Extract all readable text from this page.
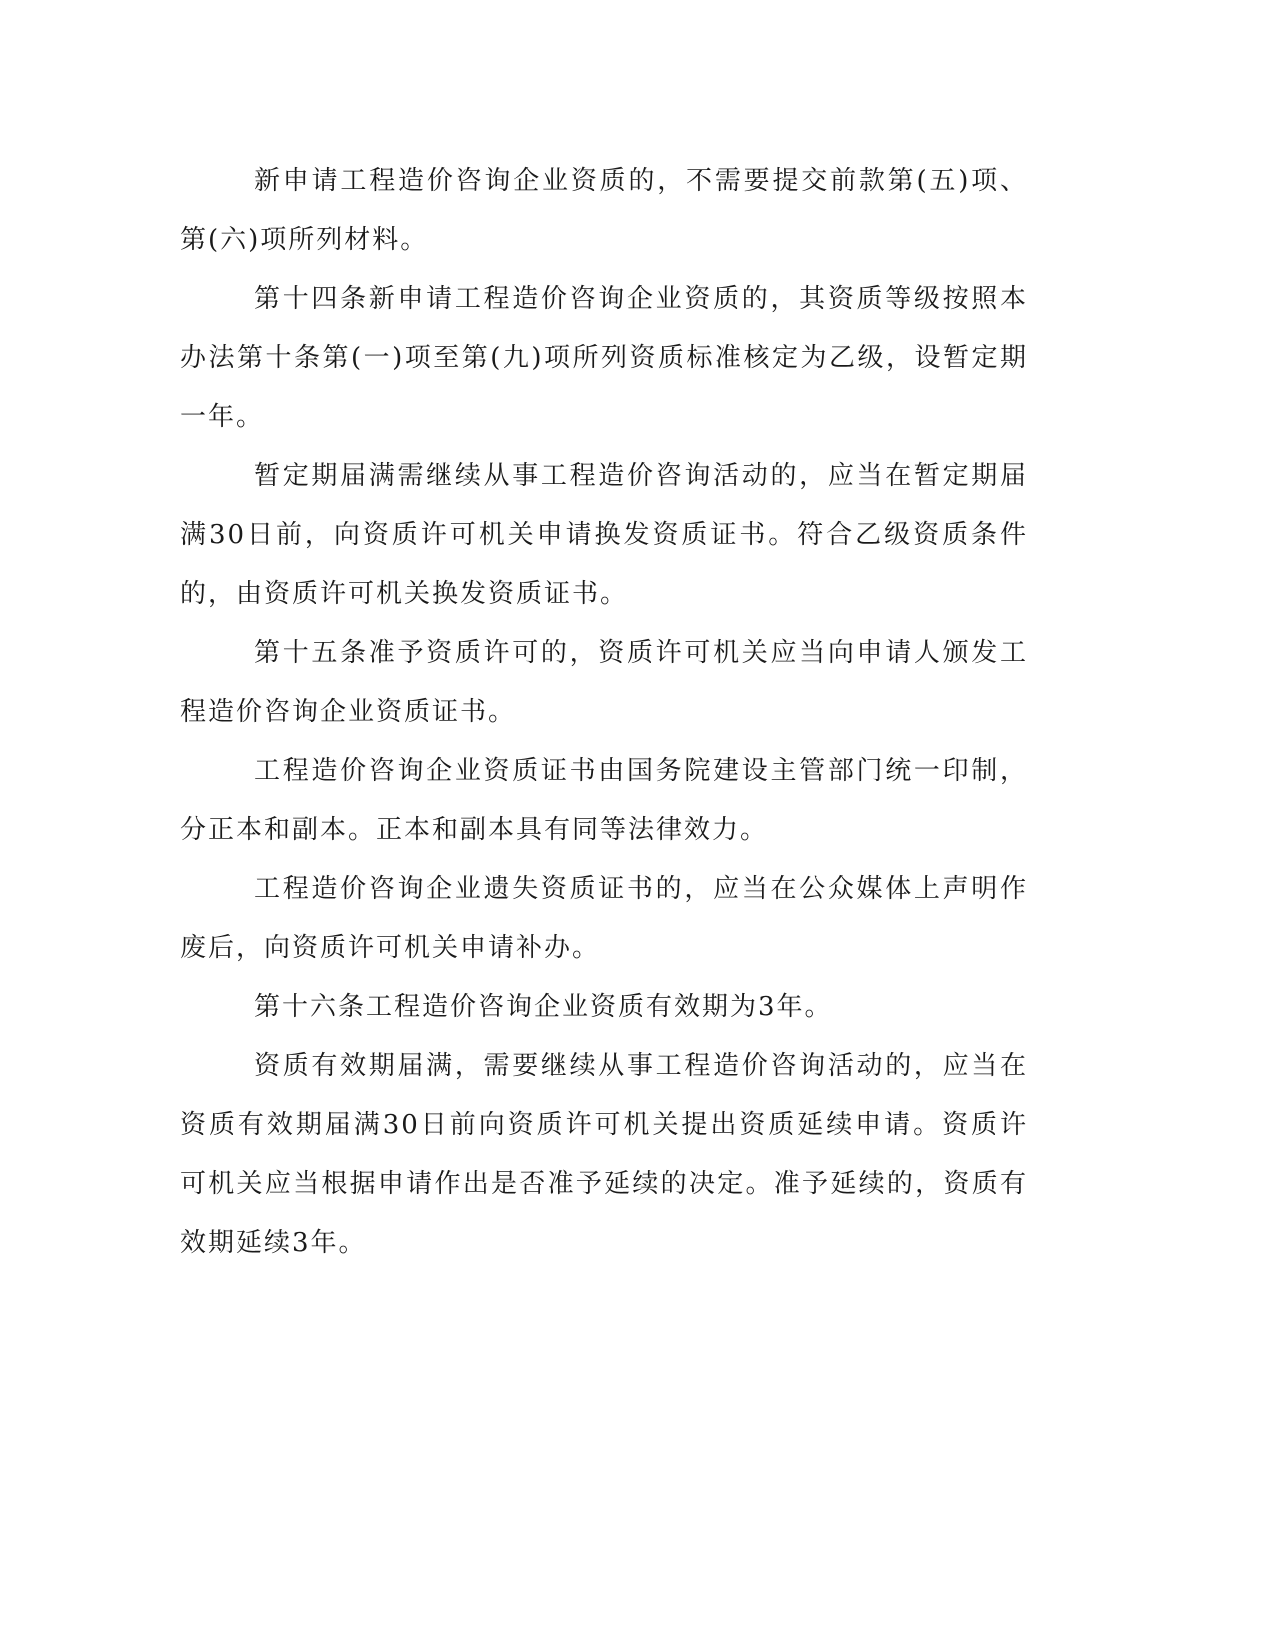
新申请工程造价咨询企业资质的，不需要提交前款第(五)项、第(六)项所列材料。

第十四条新申请工程造价咨询企业资质的，其资质等级按照本办法第十条第(一)项至第(九)项所列资质标准核定为乙级，设暂定期一年。

暂定期届满需继续从事工程造价咨询活动的，应当在暂定期届满30日前，向资质许可机关申请换发资质证书。符合乙级资质条件的，由资质许可机关换发资质证书。

第十五条准予资质许可的，资质许可机关应当向申请人颁发工程造价咨询企业资质证书。

工程造价咨询企业资质证书由国务院建设主管部门统一印制，分正本和副本。正本和副本具有同等法律效力。

工程造价咨询企业遗失资质证书的，应当在公众媒体上声明作废后，向资质许可机关申请补办。

第十六条工程造价咨询企业资质有效期为3年。

资质有效期届满，需要继续从事工程造价咨询活动的，应当在资质有效期届满30日前向资质许可机关提出资质延续申请。资质许可机关应当根据申请作出是否准予延续的决定。准予延续的，资质有效期延续3年。
